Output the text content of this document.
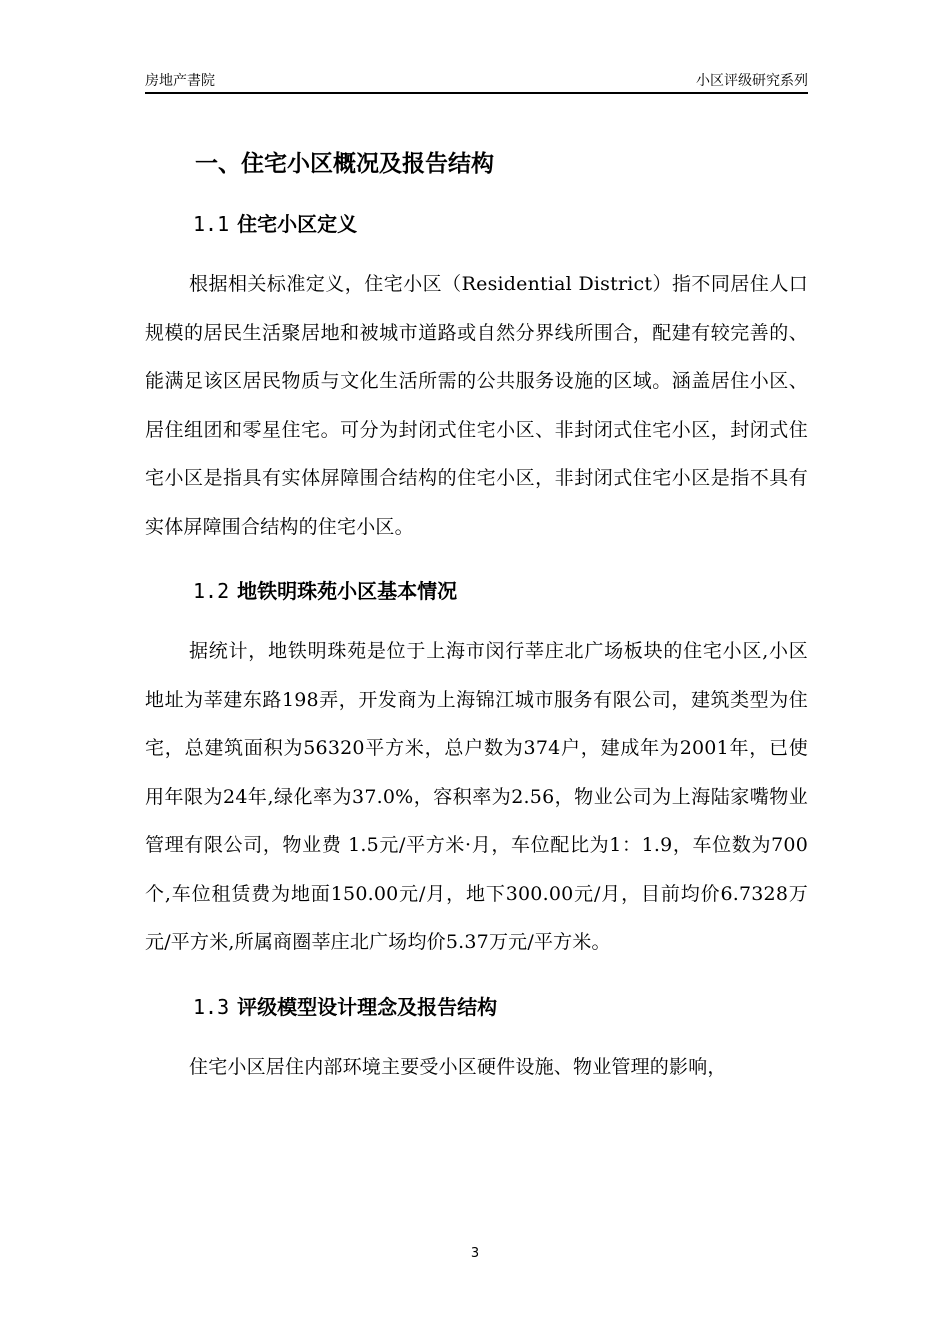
房地产書院	小区评级研究系列
一、住宅小区概况及报告结构
1.1 住宅小区定义

根据相关标准定义，住宅小区（Residential District）指不同居住人口规模的居民生活聚居地和被城市道路或自然分界线所围合，配建有较完善的、能满足该区居民物质与文化生活所需的公共服务设施的区域。涵盖居住小区、居住组团和零星住宅。可分为封闭式住宅小区、非封闭式住宅小区，封闭式住宅小区是指具有实体屏障围合结构的住宅小区，非封闭式住宅小区是指不具有实体屏障围合结构的住宅小区。

1.2 地铁明珠苑小区基本情况

据统计，地铁明珠苑是位于上海市闵行莘庄北广场板块的住宅小区,小区地址为莘建东路198弄，开发商为上海锦江城市服务有限公司，建筑类型为住宅，总建筑面积为56320平方米，总户数为374户，建成年为2001年，已使用年限为24年,绿化率为37.0%，容积率为2.56，物业公司为上海陆家嘴物业管理有限公司，物业费 1.5元/平方米·月，车位配比为1：1.9，车位数为700个,车位租赁费为地面150.00元/月，地下300.00元/月，目前均价6.7328万元/平方米,所属商圈莘庄北广场均价5.37万元/平方米。

1.3 评级模型设计理念及报告结构

住宅小区居住内部环境主要受小区硬件设施、物业管理的影响，

3
